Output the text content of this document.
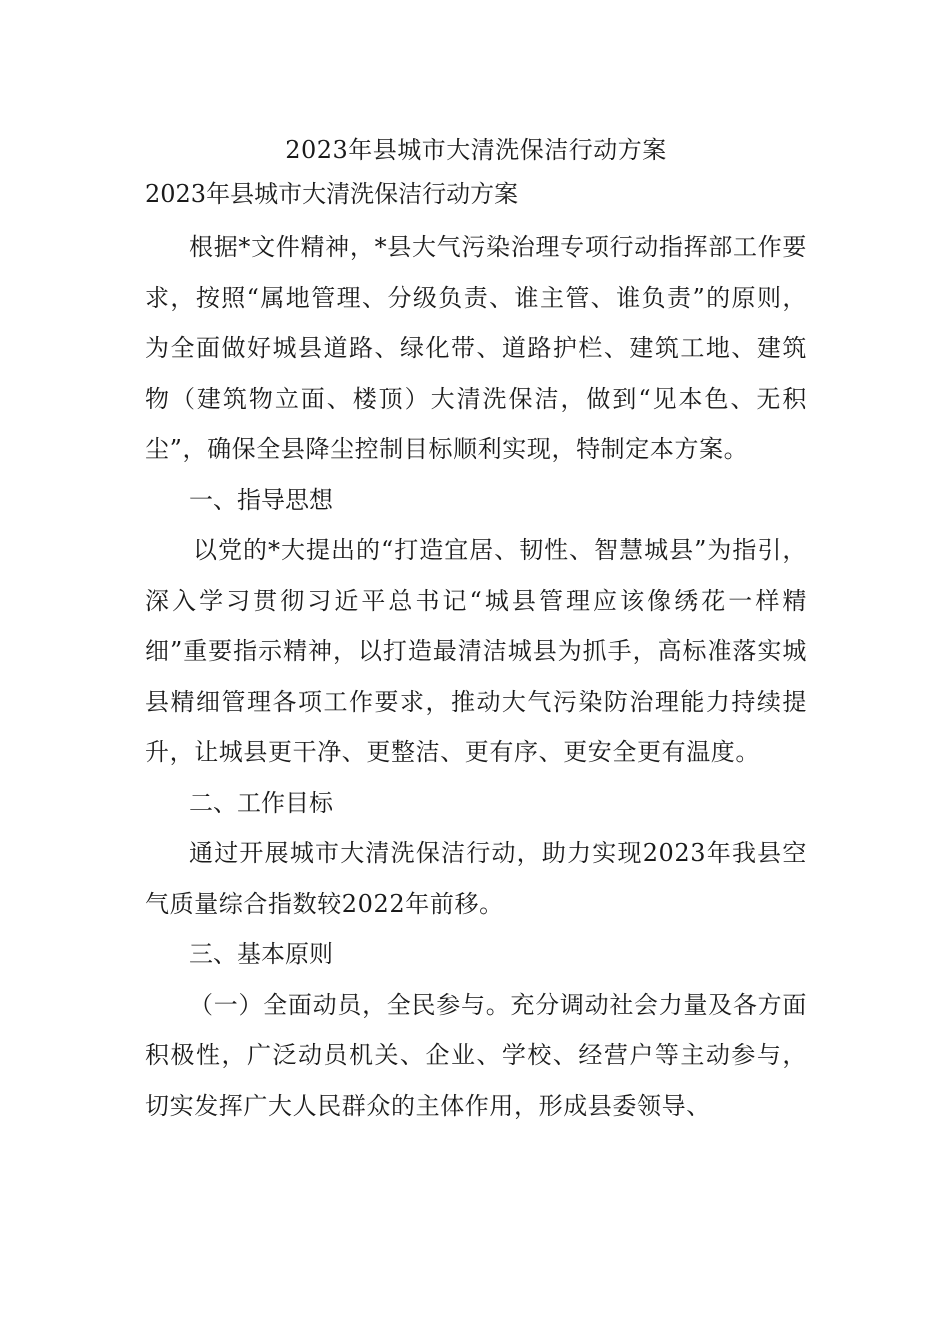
2023年县城市大清洗保洁行动方案
2023年县城市大清洗保洁行动方案

根据*文件精神，*县大气污染治理专项行动指挥部工作要求，按照“属地管理、分级负责、谁主管、谁负责”的原则，为全面做好城县道路、绿化带、道路护栏、建筑工地、建筑物（建筑物立面、楼顶）大清洗保洁，做到“见本色、无积尘”，确保全县降尘控制目标顺利实现，特制定本方案。

一、指导思想

以党的*大提出的“打造宜居、韧性、智慧城县”为指引，深入学习贯彻习近平总书记“城县管理应该像绣花一样精细”重要指示精神，以打造最清洁城县为抓手，高标准落实城县精细管理各项工作要求，推动大气污染防治理能力持续提升，让城县更干净、更整洁、更有序、更安全更有温度。

二、工作目标

通过开展城市大清洗保洁行动，助力实现2023年我县空气质量综合指数较2022年前移。

三、基本原则

（一）全面动员，全民参与。充分调动社会力量及各方面积极性，广泛动员机关、企业、学校、经营户等主动参与，切实发挥广大人民群众的主体作用，形成县委领导、
